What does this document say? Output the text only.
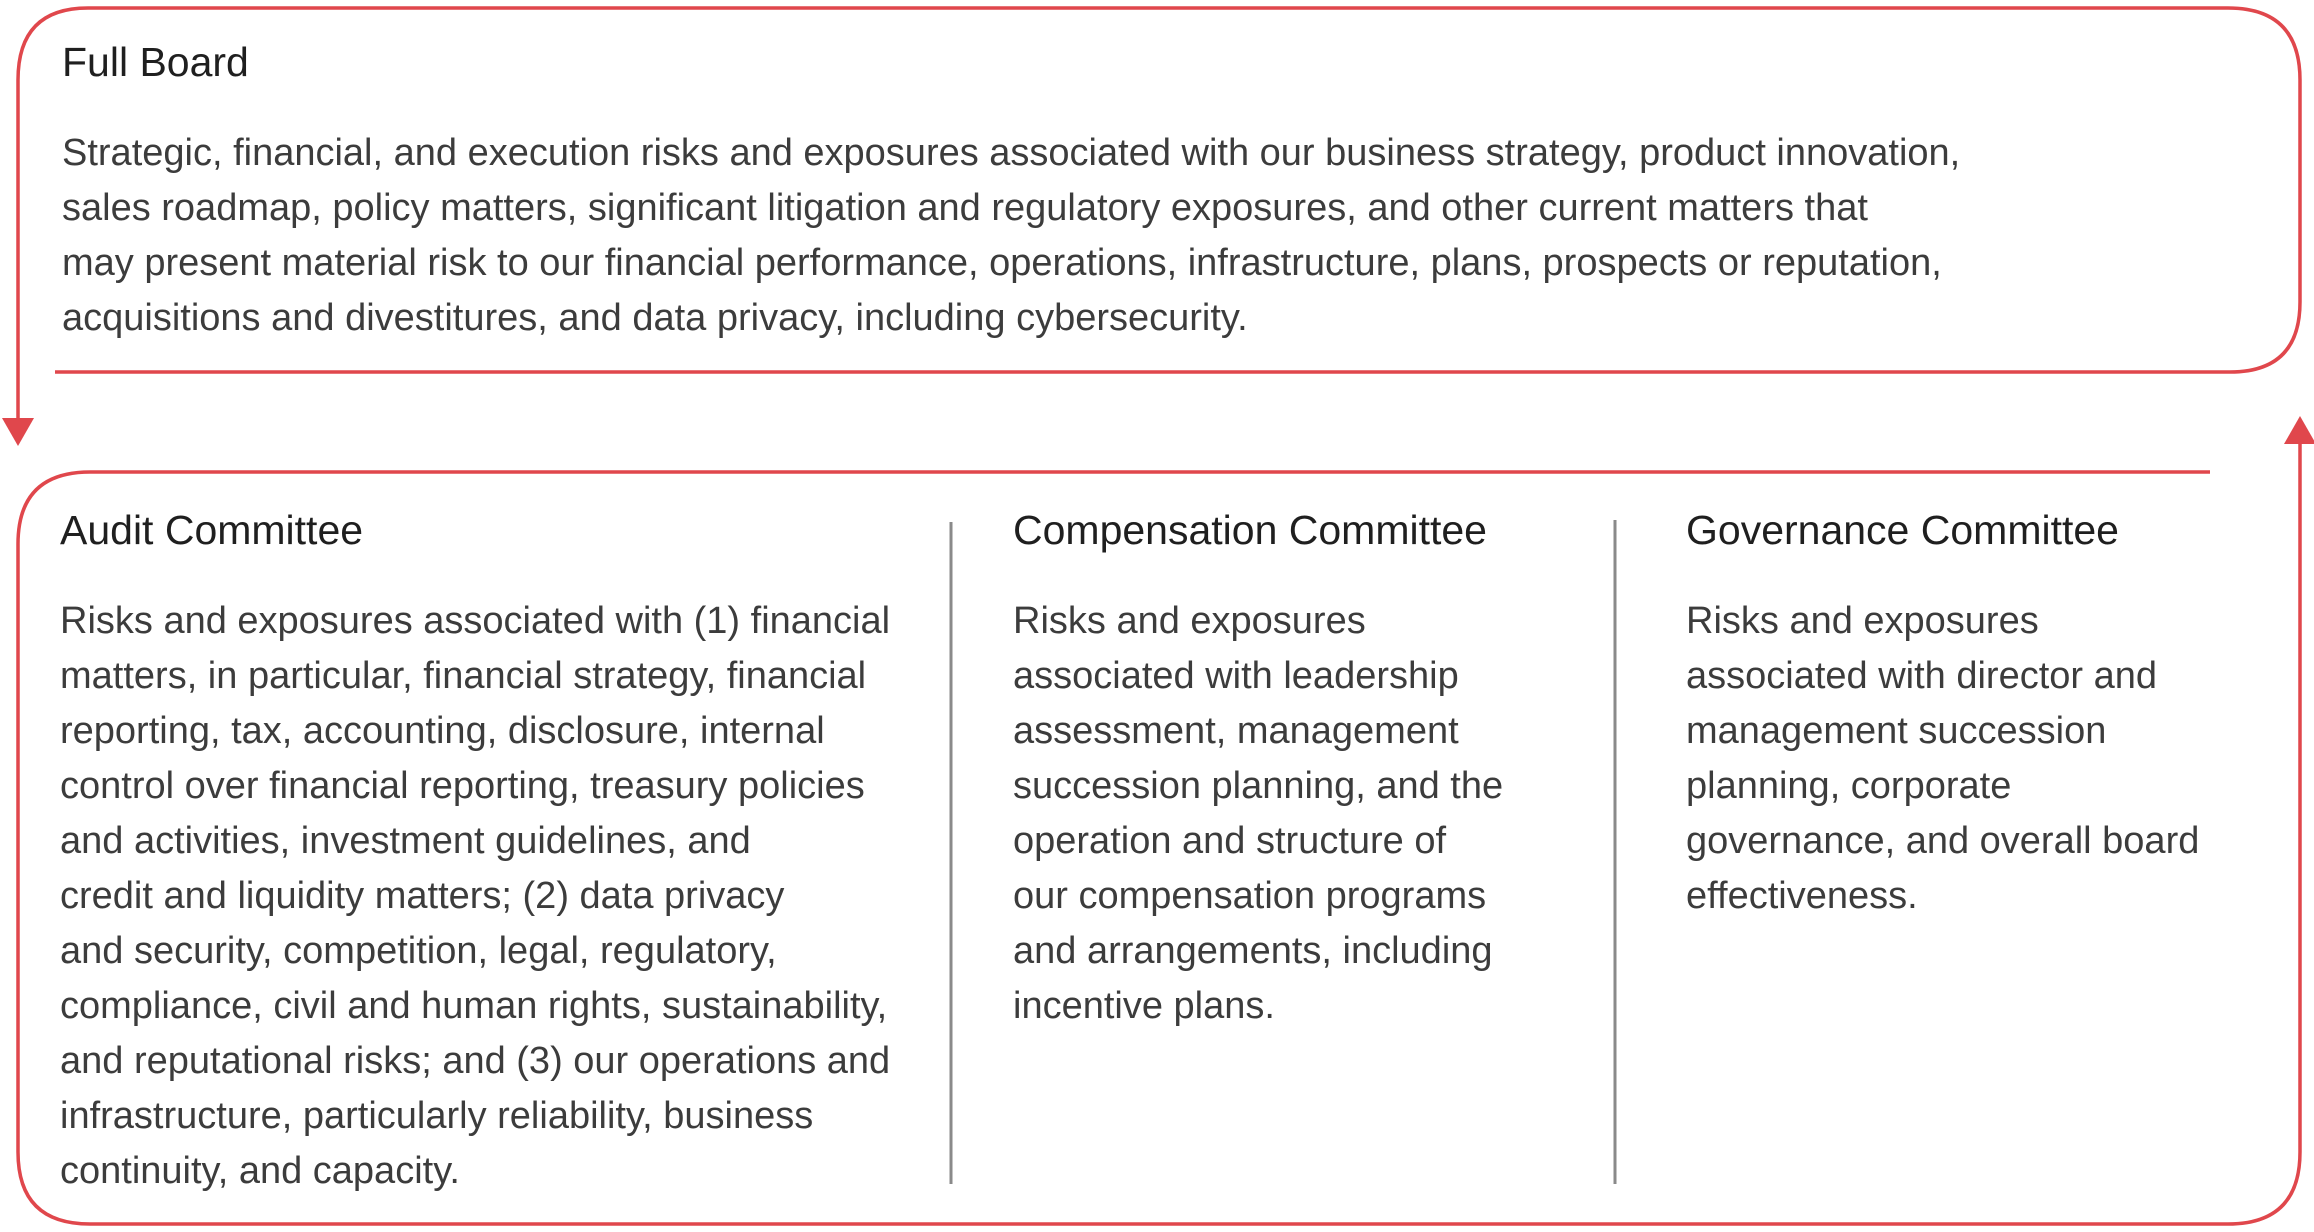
Full Board

Strategic, financial, and execution risks and exposures associated with our business strategy, product innovation,
sales roadmap, policy matters, significant litigation and regulatory exposures, and other current matters that
may present material risk to our financial performance, operations, infrastructure, plans, prospects or reputation,
acquisitions and divestitures, and data privacy, including cybersecurity.

Audit Committee

Risks and exposures associated with (1) financial
matters, in particular, financial strategy, financial
reporting, tax, accounting, disclosure, internal
control over financial reporting, treasury policies
and activities, investment guidelines, and
credit and liquidity matters; (2) data privacy
and security, competition, legal, regulatory,
compliance, civil and human rights, sustainability,
and reputational risks; and (3) our operations and
infrastructure, particularly reliability, business
continuity, and capacity.

Compensation Committee

Risks and exposures
associated with leadership
assessment, management
succession planning, and the
operation and structure of
our compensation programs
and arrangements, including
incentive plans.

Governance Committee

Risks and exposures
associated with director and
management succession
planning, corporate
governance, and overall board
effectiveness.
